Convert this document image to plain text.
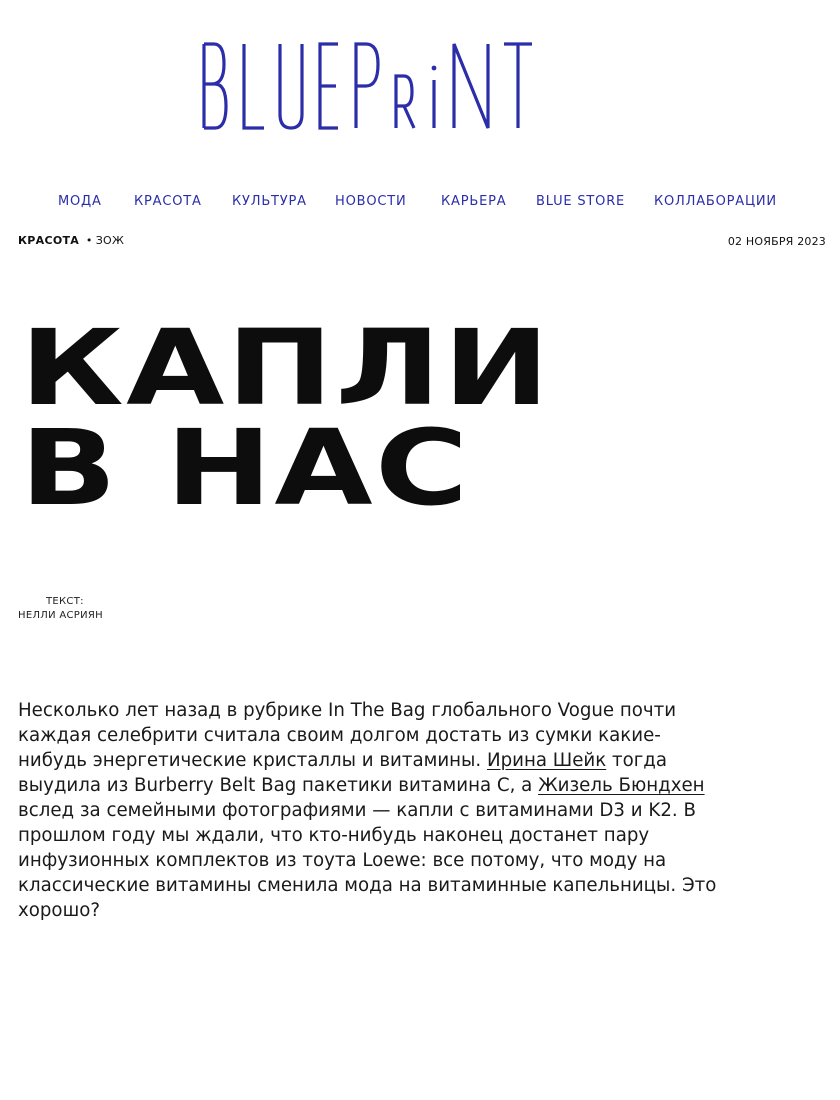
МОДА КРАСОТА КУЛЬТУРА НОВОСТИ	КАРЬЕРА BLUE STORE КОЛЛАБОРАЦИИ
КРАСОТА • ЗОЖ	02 НОЯБРЯ 2023
КАПЛИ
В НАС
ТЕКСТ:
НЕЛЛИ АСРИЯН

Несколько лет назад в рубрике In The Bag глобального Vogue почти каждая селебрити считала своим долгом достать из сумки какие-нибудь энергетические кристаллы и витамины. Ирина Шейк тогда выудила из Burberry Belt Bag пакетики витамина С, а Жизель Бюндхен вслед за семейными фотографиями — капли с витаминами D3 и K2. В прошлом году мы ждали, что кто-нибудь наконец достанет пару инфузионных комплектов из тоута Loewe: все потому, что моду на классические витамины сменила мода на витаминные капельницы. Это хорошо?
